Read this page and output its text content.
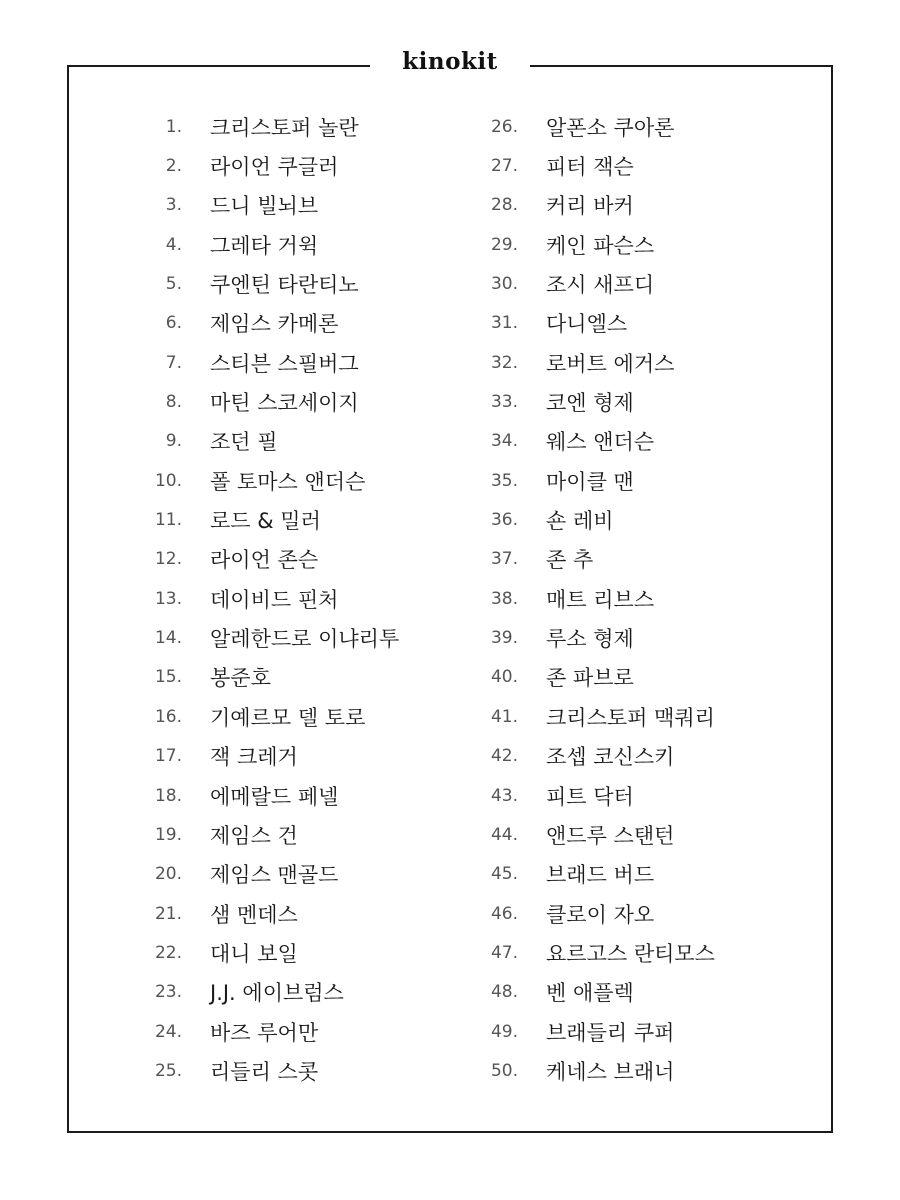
kinokit
1. 크리스토퍼 놀란
2. 라이언 쿠글러
3. 드니 빌뇌브
4. 그레타 거윅
5. 쿠엔틴 타란티노
6. 제임스 카메론
7. 스티븐 스필버그
8. 마틴 스코세이지
9. 조던 필
10. 폴 토마스 앤더슨
11. 로드 & 밀러
12. 라이언 존슨
13. 데이비드 핀처
14. 알레한드로 이냐리투
15. 봉준호
16. 기예르모 델 토로
17. 잭 크레거
18. 에메랄드 페넬
19. 제임스 건
20. 제임스 맨골드
21. 샘 멘데스
22. 대니 보일
23. J.J. 에이브럼스
24. 바즈 루어만
25. 리들리 스콧
26. 알폰소 쿠아론
27. 피터 잭슨
28. 커리 바커
29. 케인 파슨스
30. 조시 새프디
31. 다니엘스
32. 로버트 에거스
33. 코엔 형제
34. 웨스 앤더슨
35. 마이클 맨
36. 숀 레비
37. 존 추
38. 매트 리브스
39. 루소 형제
40. 존 파브로
41. 크리스토퍼 맥쿼리
42. 조셉 코신스키
43. 피트 닥터
44. 앤드루 스탠턴
45. 브래드 버드
46. 클로이 자오
47. 요르고스 란티모스
48. 벤 애플렉
49. 브래들리 쿠퍼
50. 케네스 브래너
